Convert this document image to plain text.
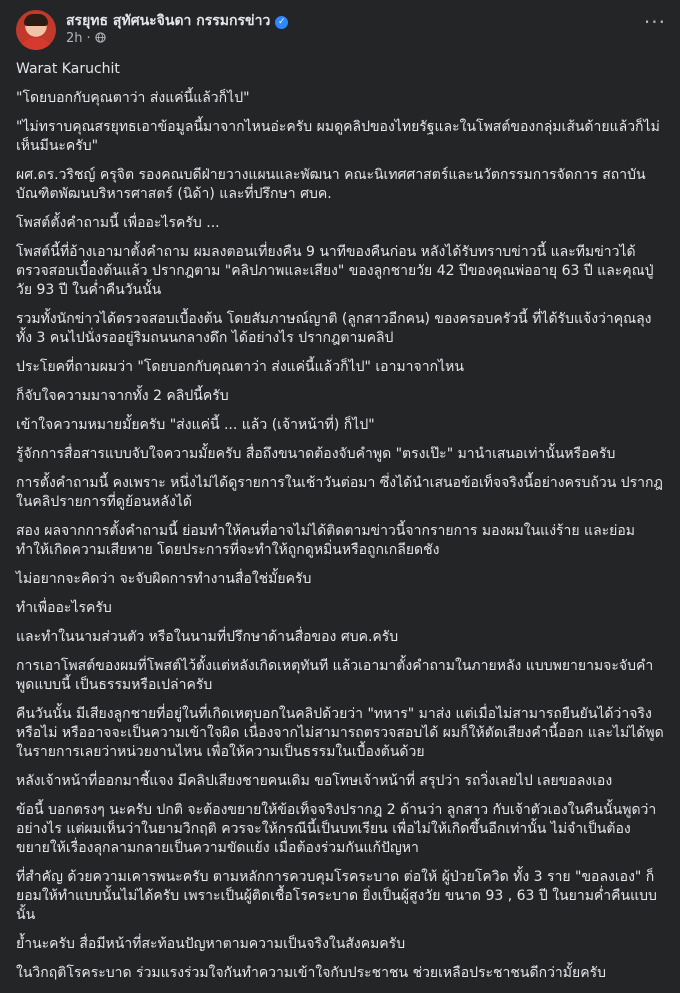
สรยุทธ สุทัศนะจินดา กรรมกรข่าว ✓
2h ·
···

Warat Karuchit

"โดยบอกกับคุณตาว่า ส่งแค่นี้แล้วก็ไป"

"ไม่ทราบคุณสรยุทธเอาข้อมูลนี้มาจากไหนอ่ะครับ ผมดูคลิปของไทยรัฐและในโพสต์ของกลุ่มเส้นด้ายแล้วก็ไม่เห็นมีนะครับ"

ผศ.ดร.วริชญ์ ครุจิต รองคณบดีฝ่ายวางแผนและพัฒนา คณะนิเทศศาสตร์และนวัตกรรมการจัดการ สถาบันบัณฑิตพัฒนบริหารศาสตร์ (นิด้า) และที่ปรึกษา ศบค.

โพสต์ตั้งคำถามนี้ เพื่ออะไรครับ ...

โพสต์นี้ที่อ้างเอามาตั้งคำถาม ผมลงตอนเที่ยงคืน 9 นาทีของคืนก่อน หลังได้รับทราบข่าวนี้ และทีมข่าวได้ตรวจสอบเบื้องต้นแล้ว ปรากฎตาม "คลิปภาพและเสียง" ของลูกชายวัย 42 ปีของคุณพ่ออายุ 63 ปี และคุณปู่วัย 93 ปี ในค่ำคืนวันนั้น

รวมทั้งนักข่าวได้ตรวจสอบเบื้องต้น โดยสัมภาษณ์ญาติ (ลูกสาวอีกคน) ของครอบครัวนี้ ที่ได้รับแจ้งว่าคุณลุงทั้ง 3 คนไปนั่งรออยู่ริมถนนกลางดึก ได้อย่างไร ปรากฎตามคลิป

ประโยคที่ถามผมว่า "โดยบอกกับคุณตาว่า ส่งแค่นี้แล้วก็ไป" เอามาจากไหน

ก็จับใจความมาจากทั้ง 2 คลิปนี้ครับ

เข้าใจความหมายมั้ยครับ "ส่งแค่นี้ ... แล้ว (เจ้าหน้าที่) ก็ไป"

รู้จักการสื่อสารแบบจับใจความมั้ยครับ สื่อถึงขนาดต้องจับคำพูด "ตรงเป๊ะ" มานำเสนอเท่านั้นหรือครับ

การตั้งคำถามนี้ คงเพราะ หนึ่งไม่ได้ดูรายการในเช้าวันต่อมา ซึ่งได้นำเสนอข้อเท็จจริงนี้อย่างครบถ้วน ปรากฎในคลิปรายการที่ดูย้อนหลังได้

สอง ผลจากการตั้งคำถามนี้ ย่อมทำให้คนที่อาจไม่ได้ติดตามข่าวนี้จากรายการ มองผมในแง่ร้าย และย่อมทำให้เกิดความเสียหาย โดยประการที่จะทำให้ถูกดูหมิ่นหรือถูกเกลียดชัง

ไม่อยากจะคิดว่า จะจับผิดการทำงานสื่อใช่มั้ยครับ

ทำเพื่ออะไรครับ

และทำในนามส่วนตัว หรือในนามที่ปรึกษาด้านสื่อของ ศบค.ครับ

การเอาโพสต์ของผมที่โพสต์ไว้ตั้งแต่หลังเกิดเหตุทันที แล้วเอามาตั้งคำถามในภายหลัง แบบพยายามจะจับคำพูดแบบนี้ เป็นธรรมหรือเปล่าครับ

คืนวันนั้น มีเสียงลูกชายที่อยู่ในที่เกิดเหตุบอกในคลิปด้วยว่า "ทหาร" มาส่ง แต่เมื่อไม่สามารถยืนยันได้ว่าจริงหรือไม่ หรืออาจจะเป็นความเข้าใจผิด เนื่องจากไม่สามารถตรวจสอบได้ ผมก็ให้ตัดเสียงคำนี้ออก และไม่ได้พูดในรายการเลยว่าหน่วยงานไหน เพื่อให้ความเป็นธรรมในเบื้องต้นด้วย

หลังเจ้าหน้าที่ออกมาชี้แจง มีคลิปเสียงชายคนเดิม ขอโทษเจ้าหน้าที่ สรุปว่า รถวิ่งเลยไป เลยขอลงเอง

ข้อนี้ บอกตรงๆ นะครับ ปกติ จะต้องขยายให้ข้อเท็จจริงปรากฎ 2 ด้านว่า ลูกสาว กับเจ้าตัวเองในคืนนั้นพูดว่าอย่างไร แต่ผมเห็นว่าในยามวิกฤติ ควรจะให้กรณีนี้เป็นบทเรียน เพื่อไม่ให้เกิดขึ้นอีกเท่านั้น ไม่จำเป็นต้องขยายให้เรื่องลุกลามกลายเป็นความขัดแย้ง เมื่อต้องร่วมกันแก้ปัญหา

ที่สำคัญ ด้วยความเคารพนะครับ ตามหลักการควบคุมโรคระบาด ต่อให้ ผู้ป่วยโควิด ทั้ง 3 ราย "ขอลงเอง" ก็ยอมให้ทำแบบนั้นไม่ได้ครับ เพราะเป็นผู้ติดเชื้อโรคระบาด ยิ่งเป็นผู้สูงวัย ขนาด 93 , 63 ปี ในยามค่ำคืนแบบนั้น

ย้ำนะครับ สื่อมีหน้าที่สะท้อนปัญหาตามความเป็นจริงในสังคมครับ

ในวิกฤติโรคระบาด ร่วมแรงร่วมใจกันทำความเข้าใจกับประชาชน ช่วยเหลือประชาชนดีกว่ามั้ยครับ
